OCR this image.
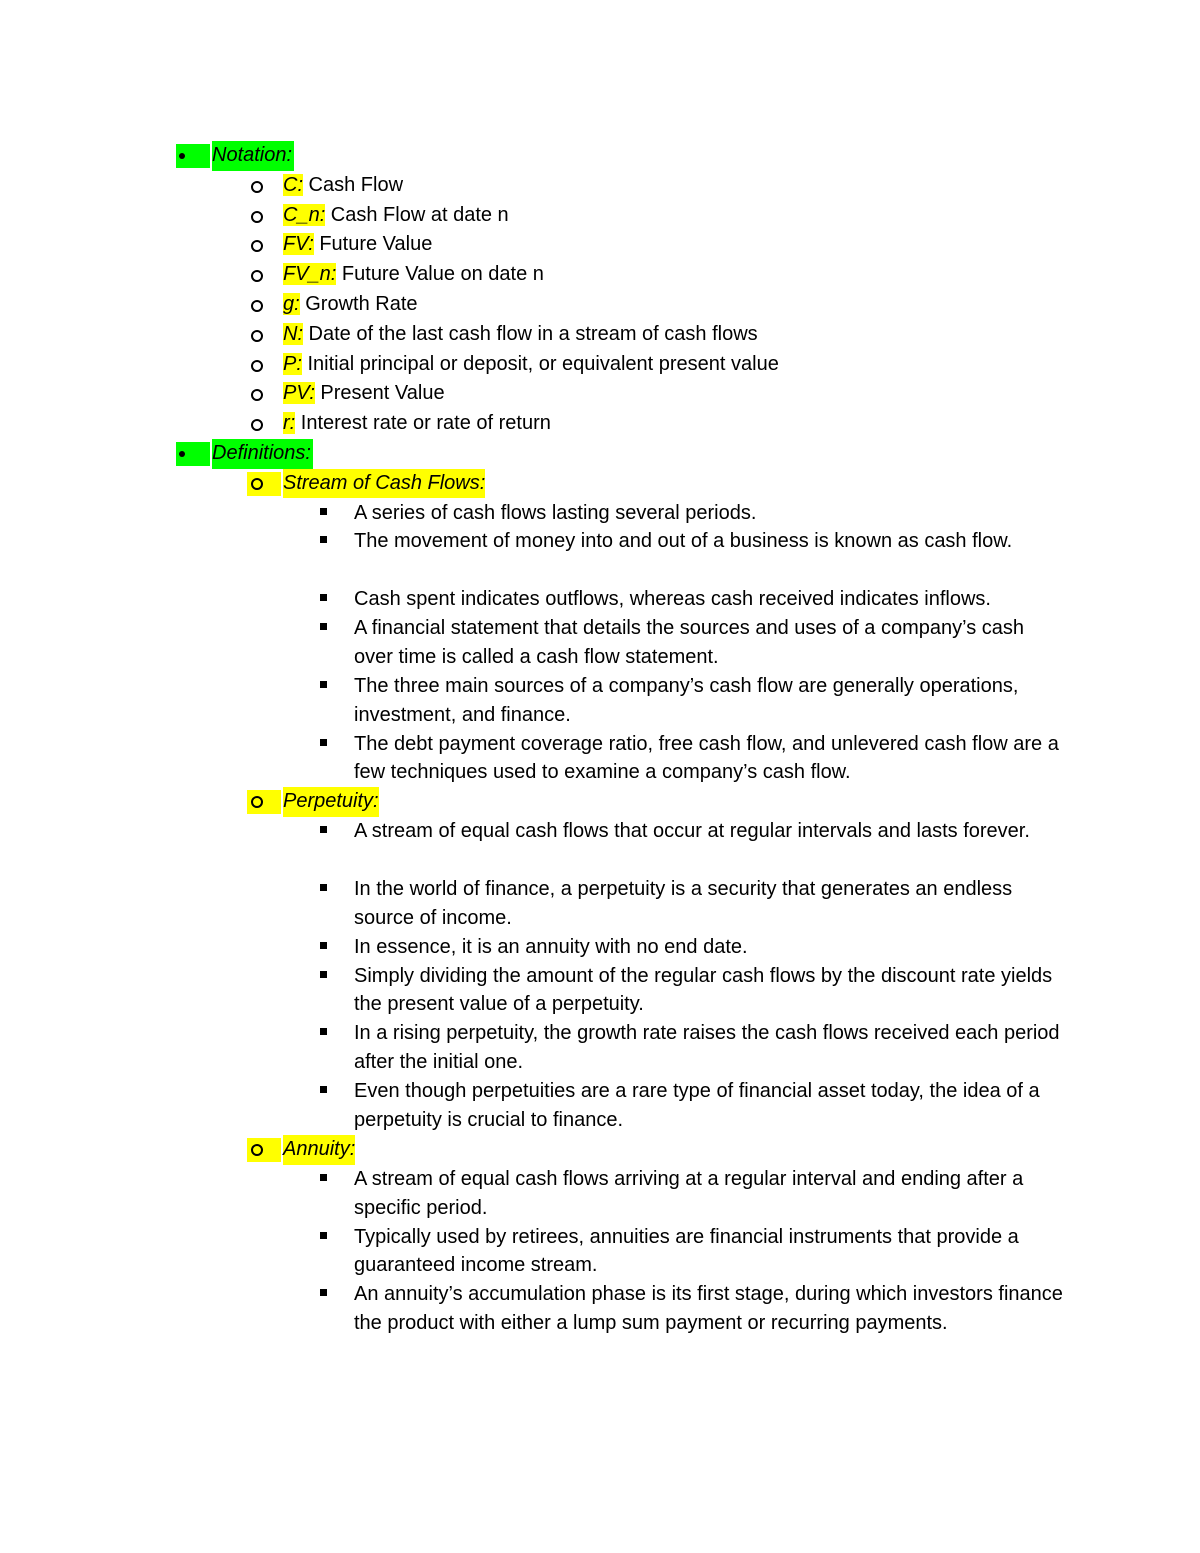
Notation:
C: Cash Flow
C_n: Cash Flow at date n
FV: Future Value
FV_n: Future Value on date n
g: Growth Rate
N: Date of the last cash flow in a stream of cash flows
P: Initial principal or deposit, or equivalent present value
PV: Present Value
r: Interest rate or rate of return
Definitions:
Stream of Cash Flows:
A series of cash flows lasting several periods.
The movement of money into and out of a business is known as cash flow.
Cash spent indicates outflows, whereas cash received indicates inflows.
A financial statement that details the sources and uses of a company’s cash over time is called a cash flow statement.
The three main sources of a company’s cash flow are generally operations, investment, and finance.
The debt payment coverage ratio, free cash flow, and unlevered cash flow are a few techniques used to examine a company’s cash flow.
Perpetuity:
A stream of equal cash flows that occur at regular intervals and lasts forever.
In the world of finance, a perpetuity is a security that generates an endless source of income.
In essence, it is an annuity with no end date.
Simply dividing the amount of the regular cash flows by the discount rate yields the present value of a perpetuity.
In a rising perpetuity, the growth rate raises the cash flows received each period after the initial one.
Even though perpetuities are a rare type of financial asset today, the idea of a perpetuity is crucial to finance.
Annuity:
A stream of equal cash flows arriving at a regular interval and ending after a specific period.
Typically used by retirees, annuities are financial instruments that provide a guaranteed income stream.
An annuity’s accumulation phase is its first stage, during which investors finance the product with either a lump sum payment or recurring payments.
